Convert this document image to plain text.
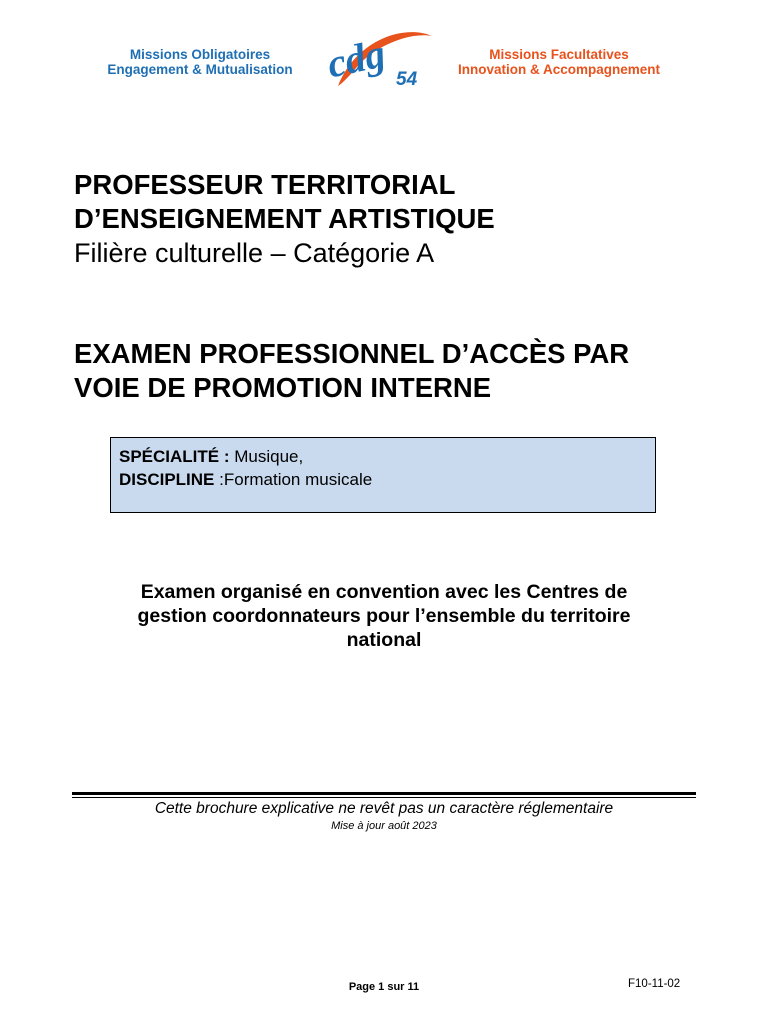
Missions Obligatoires
Engagement & Mutualisation cdg 54
Missions Facultatives
Innovation & Accompagnement
PROFESSEUR TERRITORIAL
D’ENSEIGNEMENT ARTISTIQUE
Filière culturelle – Catégorie A
EXAMEN PROFESSIONNEL D’ACCÈS PAR
VOIE DE PROMOTION INTERNE
SPÉCIALITÉ : Musique,
DISCIPLINE :Formation musicale
Examen organisé en convention avec les Centres de
gestion coordonnateurs pour l’ensemble du territoire
national
Cette brochure explicative ne revêt pas un caractère réglementaire
Mise à jour août 2023
Page 1 sur 11	F10-11-02
